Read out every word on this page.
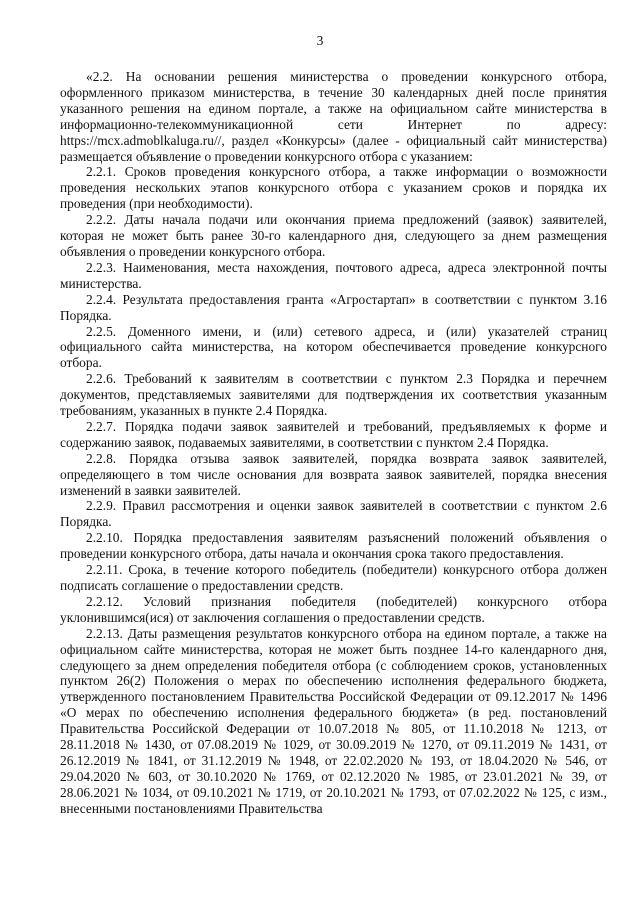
3

«2.2. На основании решения министерства о проведении конкурсного отбора, оформленного приказом министерства, в течение 30 календарных дней после принятия указанного решения на едином портале, а также на официальном сайте министерства в информационно-телекоммуникационной сети Интернет по адресу: https://mcx.admoblkaluga.ru//, раздел «Конкурсы» (далее - официальный сайт министерства) размещается объявление о проведении конкурсного отбора с указанием:

2.2.1. Сроков проведения конкурсного отбора, а также информации о возможности проведения нескольких этапов конкурсного отбора с указанием сроков и порядка их проведения (при необходимости).

2.2.2. Даты начала подачи или окончания приема предложений (заявок) заявителей, которая не может быть ранее 30-го календарного дня, следующего за днем размещения объявления о проведении конкурсного отбора.

2.2.3. Наименования, места нахождения, почтового адреса, адреса электронной почты министерства.

2.2.4. Результата предоставления гранта «Агростартап» в соответствии с пунктом 3.16 Порядка.

2.2.5. Доменного имени, и (или) сетевого адреса, и (или) указателей страниц официального сайта министерства, на котором обеспечивается проведение конкурсного отбора.

2.2.6. Требований к заявителям в соответствии с пунктом 2.3 Порядка и перечнем документов, представляемых заявителями для подтверждения их соответствия указанным требованиям, указанных в пункте 2.4 Порядка.

2.2.7. Порядка подачи заявок заявителей и требований, предъявляемых к форме и содержанию заявок, подаваемых заявителями, в соответствии с пунктом 2.4 Порядка.

2.2.8. Порядка отзыва заявок заявителей, порядка возврата заявок заявителей, определяющего в том числе основания для возврата заявок заявителей, порядка внесения изменений в заявки заявителей.

2.2.9. Правил рассмотрения и оценки заявок заявителей в соответствии с пунктом 2.6 Порядка.

2.2.10. Порядка предоставления заявителям разъяснений положений объявления о проведении конкурсного отбора, даты начала и окончания срока такого предоставления.

2.2.11. Срока, в течение которого победитель (победители) конкурсного отбора должен подписать соглашение о предоставлении средств.

2.2.12. Условий признания победителя (победителей) конкурсного отбора уклонившимся(ися) от заключения соглашения о предоставлении средств.

2.2.13. Даты размещения результатов конкурсного отбора на едином портале, а также на официальном сайте министерства, которая не может быть позднее 14-го календарного дня, следующего за днем определения победителя отбора (с соблюдением сроков, установленных пунктом 26(2) Положения о мерах по обеспечению исполнения федерального бюджета, утвержденного постановлением Правительства Российской Федерации от 09.12.2017 № 1496 «О мерах по обеспечению исполнения федерального бюджета» (в ред. постановлений Правительства Российской Федерации от 10.07.2018 № 805, от 11.10.2018 № 1213, от 28.11.2018 № 1430, от 07.08.2019 № 1029, от 30.09.2019 № 1270, от 09.11.2019 № 1431, от 26.12.2019 № 1841, от 31.12.2019 № 1948, от 22.02.2020 № 193, от 18.04.2020 № 546, от 29.04.2020 № 603, от 30.10.2020 № 1769, от 02.12.2020 № 1985, от 23.01.2021 № 39, от 28.06.2021 № 1034, от 09.10.2021 № 1719, от 20.10.2021 № 1793, от 07.02.2022 № 125, с изм., внесенными постановлениями Правительства
